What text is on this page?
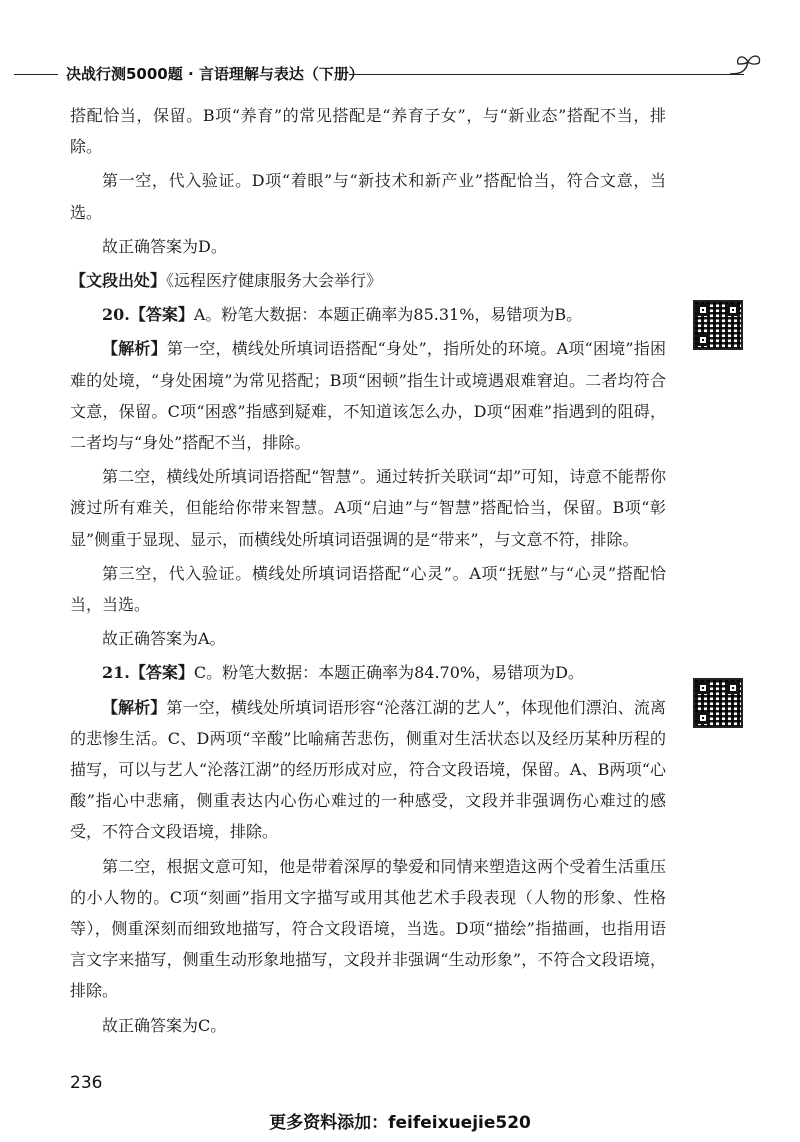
决战行测5000题 · 言语理解与表达（下册）

搭配恰当，保留。B项“养育”的常见搭配是“养育子女”，与“新业态”搭配不当，排除。

第一空，代入验证。D项“着眼”与“新技术和新产业”搭配恰当，符合文意，当选。

故正确答案为D。

【文段出处】《远程医疗健康服务大会举行》

20.【答案】A。粉笔大数据：本题正确率为85.31%，易错项为B。

【解析】第一空，横线处所填词语搭配“身处”，指所处的环境。A项“困境”指困难的处境，“身处困境”为常见搭配；B项“困顿”指生计或境遇艰难窘迫。二者均符合文意，保留。C项“困惑”指感到疑难，不知道该怎么办，D项“困难”指遇到的阻碍，二者均与“身处”搭配不当，排除。

第二空，横线处所填词语搭配“智慧”。通过转折关联词“却”可知，诗意不能帮你渡过所有难关，但能给你带来智慧。A项“启迪”与“智慧”搭配恰当，保留。B项“彰显”侧重于显现、显示，而横线处所填词语强调的是“带来”，与文意不符，排除。

第三空，代入验证。横线处所填词语搭配“心灵”。A项“抚慰”与“心灵”搭配恰当，当选。

故正确答案为A。

21.【答案】C。粉笔大数据：本题正确率为84.70%，易错项为D。

【解析】第一空，横线处所填词语形容“沦落江湖的艺人”，体现他们漂泊、流离的悲惨生活。C、D两项“辛酸”比喻痛苦悲伤，侧重对生活状态以及经历某种历程的描写，可以与艺人“沦落江湖”的经历形成对应，符合文段语境，保留。A、B两项“心酸”指心中悲痛，侧重表达内心伤心难过的一种感受，文段并非强调伤心难过的感受，不符合文段语境，排除。

第二空，根据文意可知，他是带着深厚的挚爱和同情来塑造这两个受着生活重压的小人物的。C项“刻画”指用文字描写或用其他艺术手段表现（人物的形象、性格等），侧重深刻而细致地描写，符合文段语境，当选。D项“描绘”指描画，也指用语言文字来描写，侧重生动形象地描写，文段并非强调“生动形象”，不符合文段语境，排除。

故正确答案为C。

236
更多资料添加：feifeixuejie520
